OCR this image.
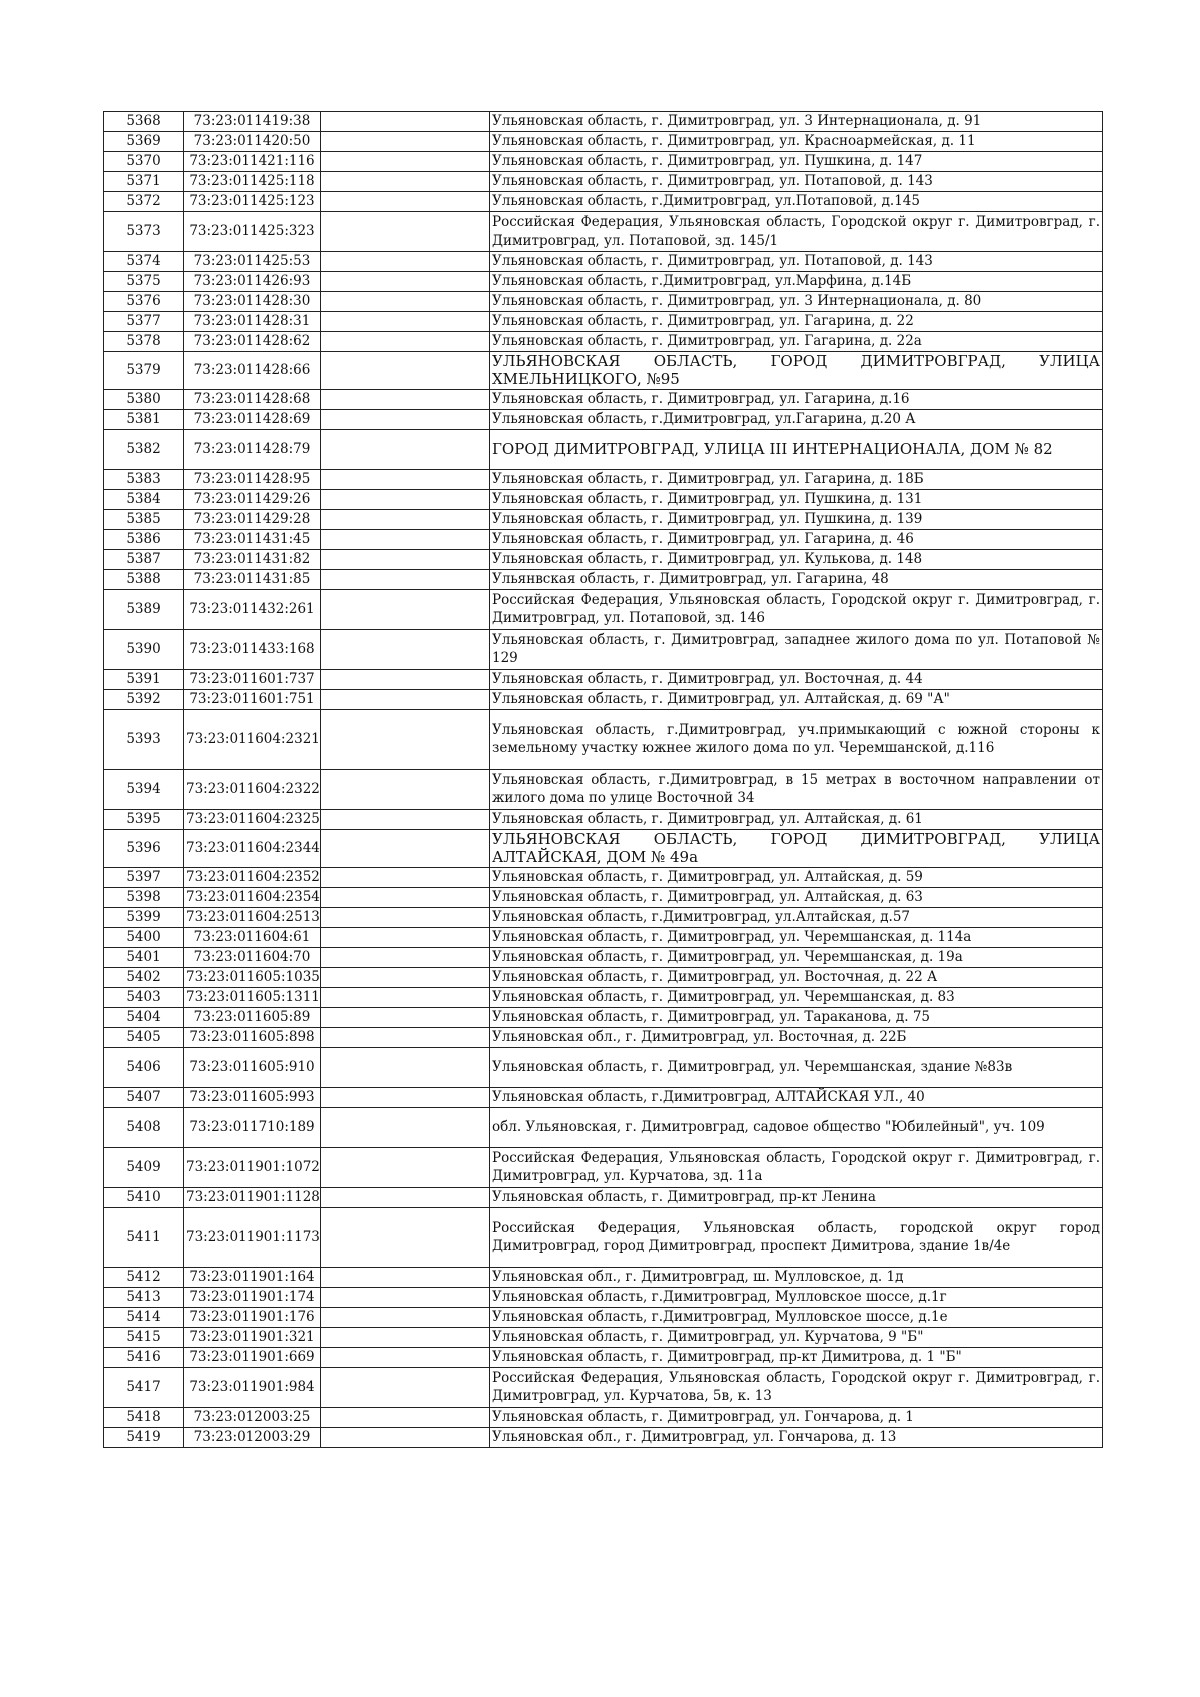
5368	73:23:011419:38		Ульяновская область, г. Димитровград, ул. 3 Интернационала, д. 91
5369	73:23:011420:50		Ульяновская область, г. Димитровград, ул. Красноармейская, д. 11
5370	73:23:011421:116		Ульяновская область, г. Димитровград, ул. Пушкина, д. 147
5371	73:23:011425:118		Ульяновская область, г. Димитровград, ул. Потаповой, д. 143
5372	73:23:011425:123		Ульяновская область, г.Димитровград, ул.Потаповой, д.145
5373	73:23:011425:323		Российская Федерация, Ульяновская область, Городской округ г. Димитровград, г. Димитровград, ул. Потаповой, зд. 145/1
5374	73:23:011425:53		Ульяновская область, г. Димитровград, ул. Потаповой, д. 143
5375	73:23:011426:93		Ульяновская область, г.Димитровград, ул.Марфина, д.14Б
5376	73:23:011428:30		Ульяновская область, г. Димитровград, ул. 3 Интернационала, д. 80
5377	73:23:011428:31		Ульяновская область, г. Димитровград, ул. Гагарина, д. 22
5378	73:23:011428:62		Ульяновская область, г. Димитровград, ул. Гагарина, д. 22а
5379	73:23:011428:66		УЛЬЯНОВСКАЯ ОБЛАСТЬ, ГОРОД ДИМИТРОВГРАД, УЛИЦА ХМЕЛЬНИЦКОГО, №95
5380	73:23:011428:68		Ульяновская область, г. Димитровград, ул. Гагарина, д.16
5381	73:23:011428:69		Ульяновская область, г.Димитровград, ул.Гагарина, д.20 А
5382	73:23:011428:79		ГОРОД ДИМИТРОВГРАД, УЛИЦА III ИНТЕРНАЦИОНАЛА, ДОМ № 82
5383	73:23:011428:95		Ульяновская область, г. Димитровград, ул. Гагарина, д. 18Б
5384	73:23:011429:26		Ульяновская область, г. Димитровград, ул. Пушкина, д. 131
5385	73:23:011429:28		Ульяновская область, г. Димитровград, ул. Пушкина, д. 139
5386	73:23:011431:45		Ульяновская область, г. Димитровград, ул. Гагарина, д. 46
5387	73:23:011431:82		Ульяновская область, г. Димитровград, ул. Кулькова, д. 148
5388	73:23:011431:85		Ульянвская область, г. Димитровград, ул. Гагарина, 48
5389	73:23:011432:261		Российская Федерация, Ульяновская область, Городской округ г. Димитровград, г. Димитровград, ул. Потаповой, зд. 146
5390	73:23:011433:168		Ульяновская область, г. Димитровград, западнее жилого дома по ул. Потаповой № 129
5391	73:23:011601:737		Ульяновская область, г. Димитровград, ул. Восточная, д. 44
5392	73:23:011601:751		Ульяновская область, г. Димитровград, ул. Алтайская, д. 69 "А"
5393	73:23:011604:2321		Ульяновская область, г.Димитровград, уч.примыкающий с южной стороны к земельному участку южнее жилого дома по ул. Черемшанской, д.116
5394	73:23:011604:2322		Ульяновская область, г.Димитровград, в 15 метрах в восточном направлении от жилого дома по улице Восточной 34
5395	73:23:011604:2325		Ульяновская область, г. Димитровград, ул. Алтайская, д. 61
5396	73:23:011604:2344		УЛЬЯНОВСКАЯ ОБЛАСТЬ, ГОРОД ДИМИТРОВГРАД, УЛИЦА АЛТАЙСКАЯ, ДОМ № 49а
5397	73:23:011604:2352		Ульяновская область, г. Димитровград, ул. Алтайская, д. 59
5398	73:23:011604:2354		Ульяновская область, г. Димитровград, ул. Алтайская, д. 63
5399	73:23:011604:2513		Ульяновская область, г.Димитровград, ул.Алтайская, д.57
5400	73:23:011604:61		Ульяновская область, г. Димитровград, ул. Черемшанская, д. 114а
5401	73:23:011604:70		Ульяновская область, г. Димитровград, ул. Черемшанская, д. 19а
5402	73:23:011605:1035		Ульяновская область, г. Димитровград, ул. Восточная, д. 22 А
5403	73:23:011605:1311		Ульяновская область, г. Димитровград, ул. Черемшанская, д. 83
5404	73:23:011605:89		Ульяновская область, г. Димитровград, ул. Тараканова, д. 75
5405	73:23:011605:898		Ульяновская обл., г. Димитровград, ул. Восточная, д. 22Б
5406	73:23:011605:910		Ульяновская область, г. Димитровград, ул. Черемшанская, здание №83в
5407	73:23:011605:993		Ульяновская область, г.Димитровград, АЛТАЙСКАЯ УЛ., 40
5408	73:23:011710:189		обл. Ульяновская, г. Димитровград, садовое общество "Юбилейный", уч. 109
5409	73:23:011901:1072		Российская Федерация, Ульяновская область, Городской округ г. Димитровград, г. Димитровград, ул. Курчатова, зд. 11а
5410	73:23:011901:1128		Ульяновская область, г. Димитровград, пр-кт Ленина
5411	73:23:011901:1173		Российская Федерация, Ульяновская область, городской округ город Димитровград, город Димитровград, проспект Димитрова, здание 1в/4е
5412	73:23:011901:164		Ульяновская обл., г. Димитровград, ш. Мулловское, д. 1д
5413	73:23:011901:174		Ульяновская область, г.Димитровград, Мулловское шоссе, д.1г
5414	73:23:011901:176		Ульяновская область, г.Димитровград, Мулловское шоссе, д.1е
5415	73:23:011901:321		Ульяновская область, г. Димитровград, ул. Курчатова, 9 "Б"
5416	73:23:011901:669		Ульяновская область, г. Димитровград, пр-кт Димитрова, д. 1 "Б"
5417	73:23:011901:984		Российская Федерация, Ульяновская область, Городской округ г. Димитровград, г. Димитровград, ул. Курчатова, 5в, к. 13
5418	73:23:012003:25		Ульяновская область, г. Димитровград, ул. Гончарова, д. 1
5419	73:23:012003:29		Ульяновская обл., г. Димитровград, ул. Гончарова, д. 13
